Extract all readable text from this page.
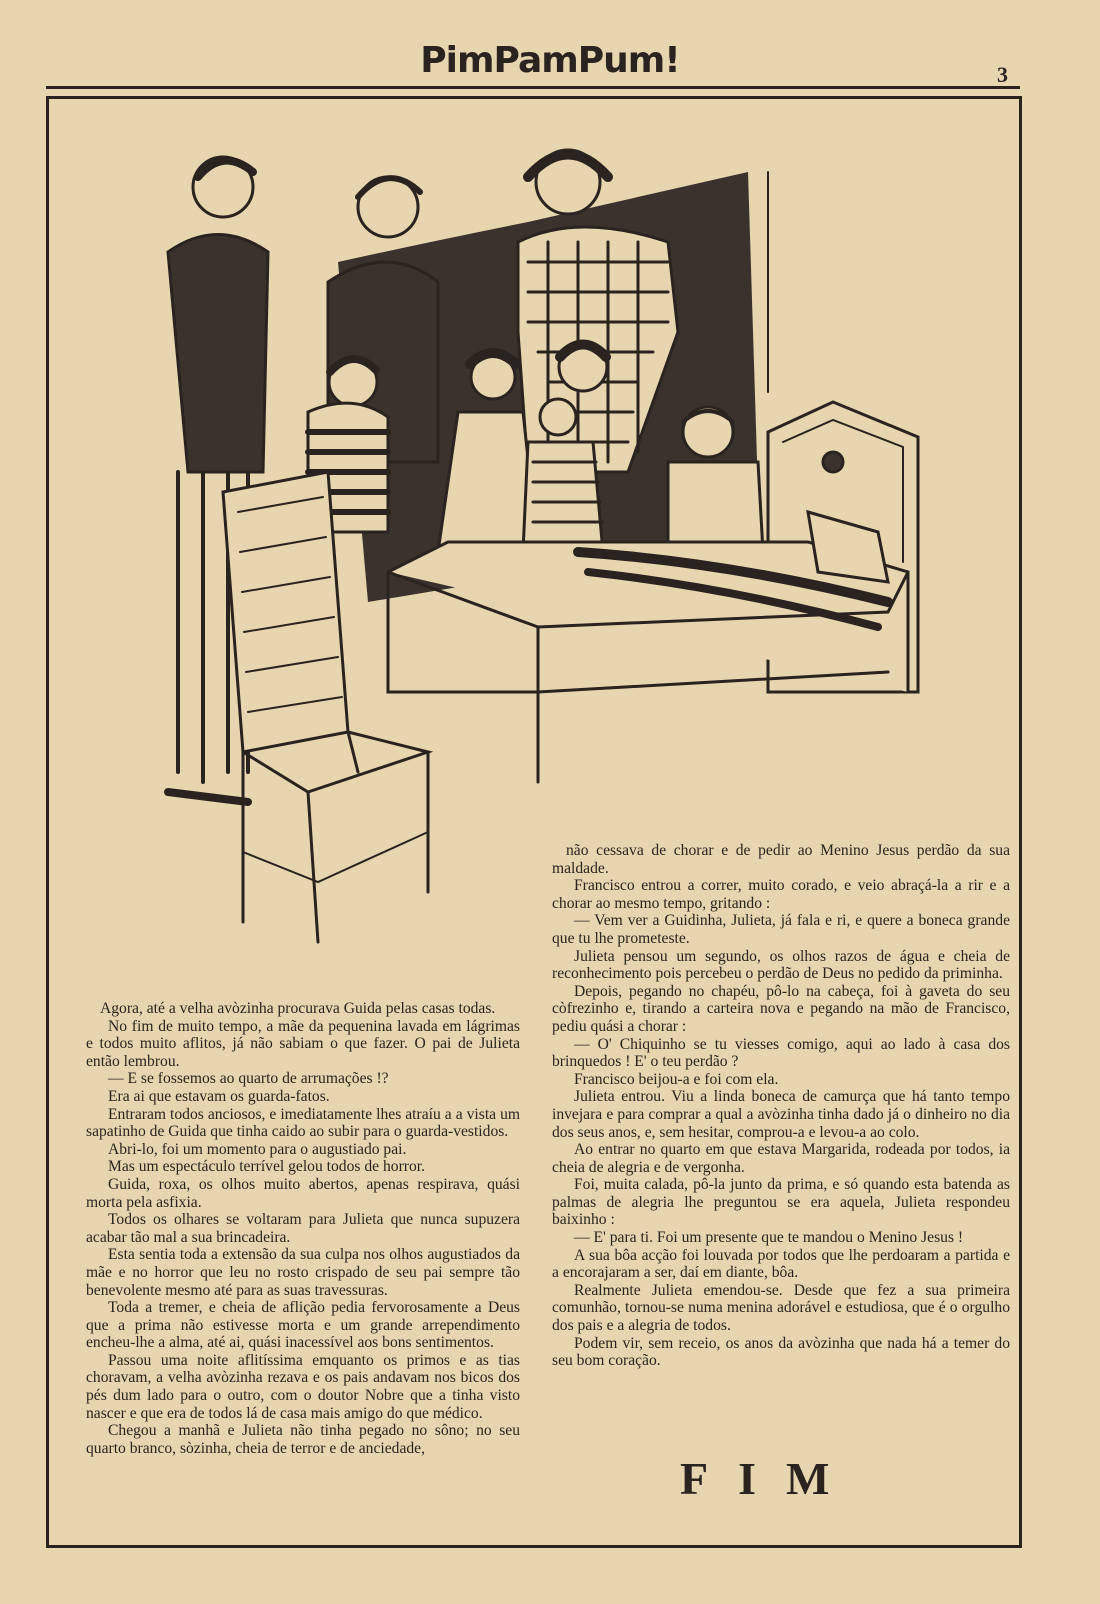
PimPamPum!	3

Agora, até a velha avòzinha procurava Guida pelas casas todas.

No fim de muito tempo, a mãe da pequenina lavada em lágrimas e todos muito aflitos, já não sabiam o que fazer. O pai de Julieta então lembrou.

— E se fossemos ao quarto de arrumações !?

Era ai que estavam os guarda-fatos.

Entraram todos anciosos, e imediatamente lhes atraíu a a vista um sapatinho de Guida que tinha caido ao subir para o guarda-vestidos.

Abri-lo, foi um momento para o augustiado pai.

Mas um espectáculo terrível gelou todos de horror.

Guida, roxa, os olhos muito abertos, apenas respirava, quási morta pela asfixia.

Todos os olhares se voltaram para Julieta que nunca supuzera acabar tão mal a sua brincadeira.

Esta sentia toda a extensão da sua culpa nos olhos augustiados da mãe e no horror que leu no rosto crispado de seu pai sempre tão benevolente mesmo até para as suas travessuras.

Toda a tremer, e cheia de aflição pedia fervorosamente a Deus que a prima não estivesse morta e um grande arrependimento encheu-lhe a alma, até ai, quási inacessível aos bons sentimentos.

Passou uma noite aflitíssima emquanto os primos e as tias choravam, a velha avòzinha rezava e os pais andavam nos bicos dos pés dum lado para o outro, com o doutor Nobre que a tinha visto nascer e que era de todos lá de casa mais amigo do que médico.

Chegou a manhã e Julieta não tinha pegado no sôno; no seu quarto branco, sòzinha, cheia de terror e de anciedade,

não cessava de chorar e de pedir ao Menino Jesus perdão da sua maldade.

Francisco entrou a correr, muito corado, e veio abraçá-la a rir e a chorar ao mesmo tempo, gritando :

— Vem ver a Guidinha, Julieta, já fala e ri, e quere a boneca grande que tu lhe prometeste.

Julieta pensou um segundo, os olhos razos de água e cheia de reconhecimento pois percebeu o perdão de Deus no pedido da priminha.

Depois, pegando no chapéu, pô-lo na cabeça, foi à gaveta do seu còfrezinho e, tirando a carteira nova e pegando na mão de Francisco, pediu quási a chorar :

— O' Chiquinho se tu viesses comigo, aqui ao lado à casa dos brinquedos ! E' o teu perdão ?

Francisco beijou-a e foi com ela.

Julieta entrou. Viu a linda boneca de camurça que há tanto tempo invejara e para comprar a qual a avòzinha tinha dado já o dinheiro no dia dos seus anos, e, sem hesitar, comprou-a e levou-a ao colo.

Ao entrar no quarto em que estava Margarida, rodeada por todos, ia cheia de alegria e de vergonha.

Foi, muita calada, pô-la junto da prima, e só quando esta batenda as palmas de alegria lhe preguntou se era aquela, Julieta respondeu baixinho :

— E' para ti. Foi um presente que te mandou o Menino Jesus !

A sua bôa acção foi louvada por todos que lhe perdoaram a partida e a encorajaram a ser, daí em diante, bôa.

Realmente Julieta emendou-se. Desde que fez a sua primeira comunhão, tornou-se numa menina adorável e estudiosa, que é o orgulho dos pais e a alegria de todos.

Podem vir, sem receio, os anos da avòzinha que nada há a temer do seu bom coração.

FIM
